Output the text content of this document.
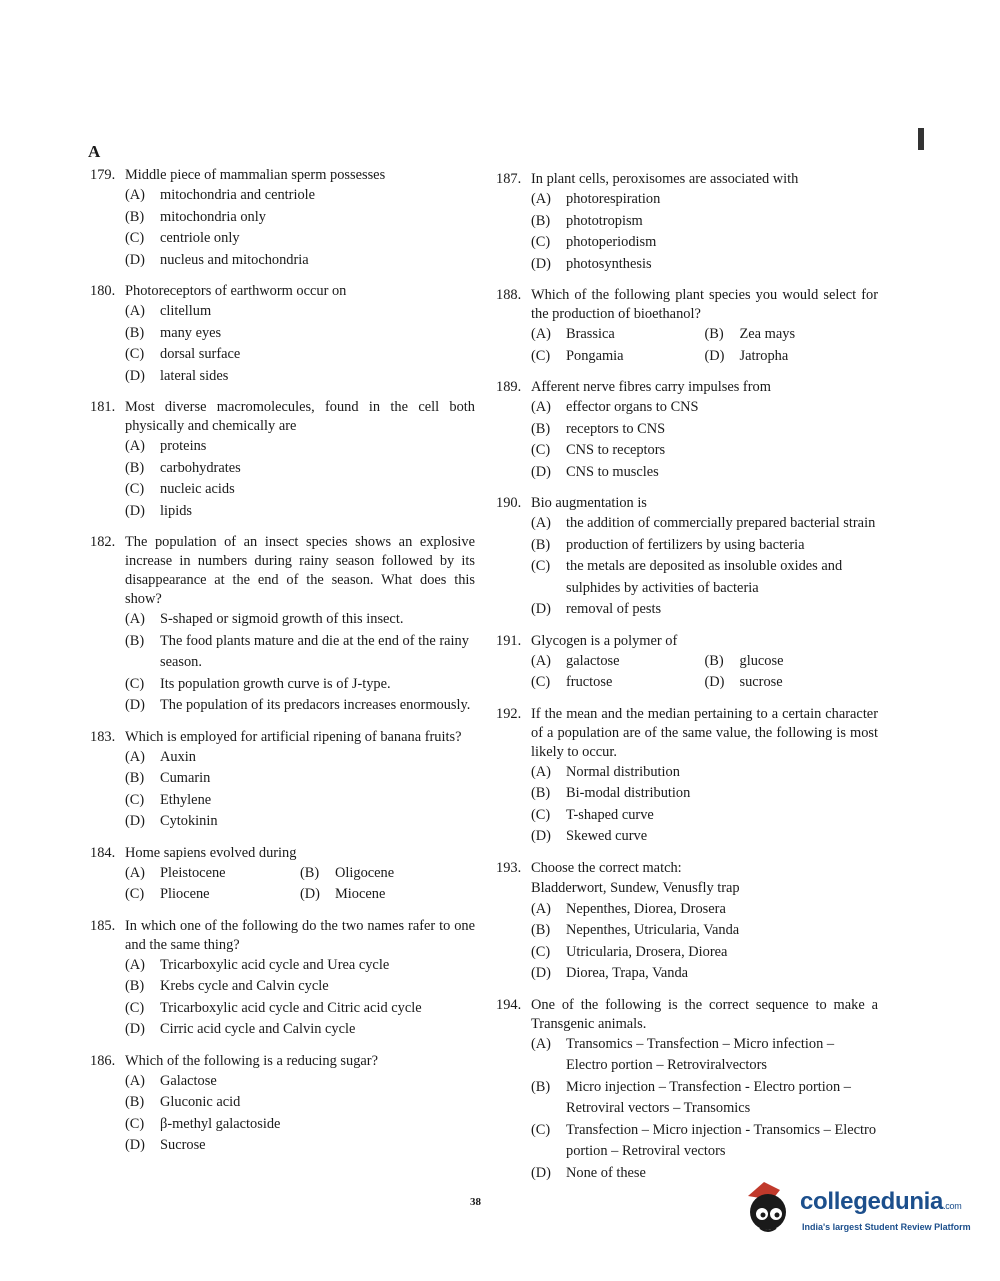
A
179. Middle piece of mammalian sperm possesses
(A)	mitochondria and centriole
(B)	mitochondria only
(C)	centriole only
(D)	nucleus and mitochondria
180. Photoreceptors of earthworm occur on
(A)	clitellum
(B)	many eyes
(C)	dorsal surface
(D)	lateral sides
181. Most diverse macromolecules, found in the cell both physically and chemically are
(A)	proteins
(B)	carbohydrates
(C)	nucleic acids
(D)	lipids
182. The population of an insect species shows an explosive increase in numbers during rainy season followed by its disappearance at the end of the season. What does this show?
(A)	S-shaped or sigmoid growth of this insect.
(B)	The food plants mature and die at the end of the rainy season.
(C)	Its population growth curve is of J-type.
(D)	The population of its predacors increases enormously.
183. Which is employed for artificial ripening of banana fruits?
(A)	Auxin
(B)	Cumarin
(C)	Ethylene
(D)	Cytokinin
184. Home sapiens evolved during
(A)	Pleistocene	(B)	Oligocene
(C)	Pliocene	(D)	Miocene
185. In which one of the following do the two names rafer to one and the same thing?
(A)	Tricarboxylic acid cycle and Urea cycle
(B)	Krebs cycle and Calvin cycle
(C)	Tricarboxylic acid cycle and Citric acid cycle
(D)	Cirric acid cycle and Calvin cycle
186. Which of the following is a reducing sugar?
(A)	Galactose
(B)	Gluconic acid
(C)	β-methyl galactoside
(D)	Sucrose
187. In plant cells, peroxisomes are associated with
(A)	photorespiration
(B)	phototropism
(C)	photoperiodism
(D)	photosynthesis
188. Which of the following plant species you would select for the production of bioethanol?
(A)	Brassica	(B)	Zea mays
(C)	Pongamia	(D)	Jatropha
189. Afferent nerve fibres carry impulses from
(A)	effector organs to CNS
(B)	receptors to CNS
(C)	CNS to receptors
(D)	CNS to muscles
190. Bio augmentation is
(A)	the addition of commercially prepared bacterial strain
(B)	production of fertilizers by using bacteria
(C)	the metals are deposited as insoluble oxides and sulphides by activities of bacteria
(D)	removal of pests
191. Glycogen is a polymer of
(A)	galactose	(B)	glucose
(C)	fructose	(D)	sucrose
192. If the mean and the median pertaining to a certain character of a population are of the same value, the following is most likely to occur.
(A)	Normal distribution
(B)	Bi-modal distribution
(C)	T-shaped curve
(D)	Skewed curve
193. Choose the correct match:
Bladderwort, Sundew, Venusfly trap
(A)	Nepenthes, Diorea, Drosera
(B)	Nepenthes, Utricularia, Vanda
(C)	Utricularia, Drosera, Diorea
(D)	Diorea, Trapa, Vanda
194. One of the following is the correct sequence to make a Transgenic animals.
(A)	Transomics – Transfection – Micro infection – Electro portion – Retroviralvectors
(B)	Micro injection – Transfection - Electro portion – Retroviral vectors – Transomics
(C)	Transfection – Micro injection - Transomics – Electro portion – Retroviral vectors
(D)	None of these
38	collegedunia.com
India's largest Student Review Platform
